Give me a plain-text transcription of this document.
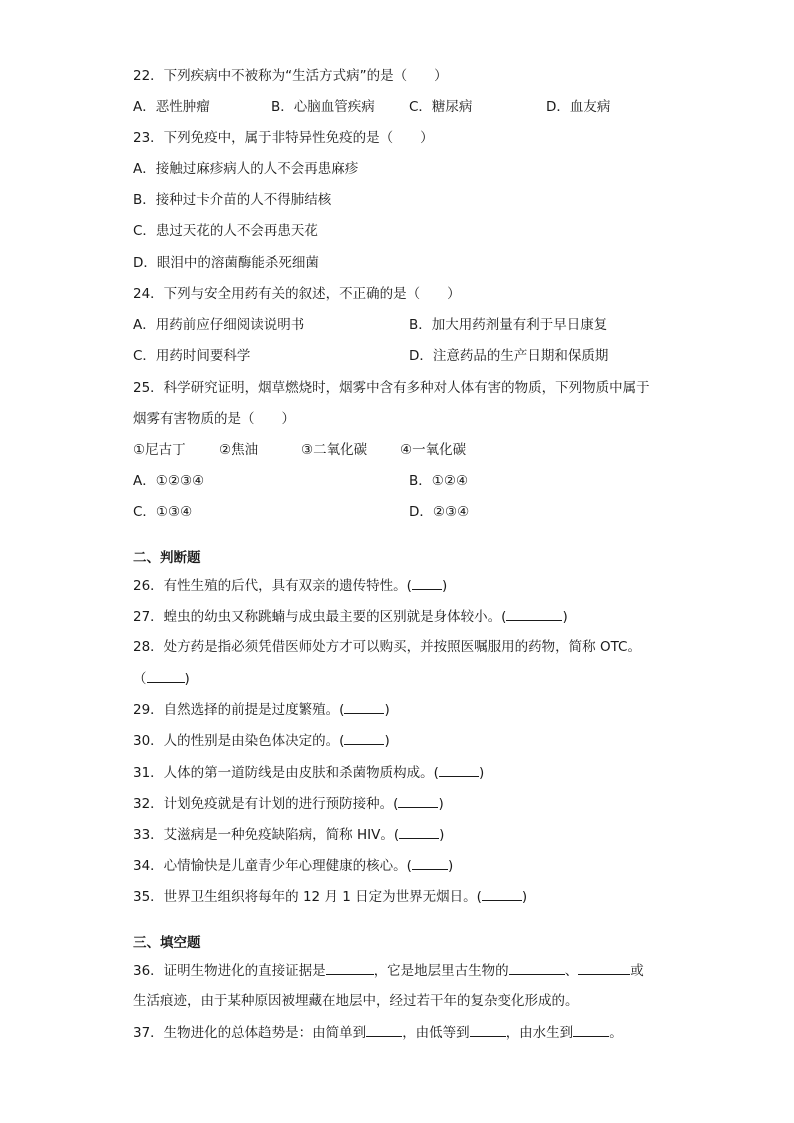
22．下列疾病中不被称为“生活方式病”的是（　　）
A．恶性肿瘤	B．心脑血管疾病	C．糖尿病	D．血友病
23．下列免疫中，属于非特异性免疫的是（　　）
A．接触过麻疹病人的人不会再患麻疹
B．接种过卡介苗的人不得肺结核
C．患过天花的人不会再患天花
D．眼泪中的溶菌酶能杀死细菌
24．下列与安全用药有关的叙述，不正确的是（　　）
A．用药前应仔细阅读说明书	B．加大用药剂量有利于早日康复
C．用药时间要科学	D．注意药品的生产日期和保质期
25．科学研究证明，烟草燃烧时，烟雾中含有多种对人体有害的物质，下列物质中属于
烟雾有害物质的是（　　）
①尼古丁 ②焦油	③二氧化碳 ④一氧化碳
A．①②③④	B．①②④
C．①③④	D．②③④
二、判断题
26．有性生殖的后代，具有双亲的遗传特性。( )
27．蝗虫的幼虫又称跳蝻与成虫最主要的区别就是身体较小。(	)
28．处方药是指必须凭借医师处方才可以购买，并按照医嘱服用的药物，简称 OTC。
（	)
29．自然选择的前提是过度繁殖。(	)
30．人的性别是由染色体决定的。(	)
31．人体的第一道防线是由皮肤和杀菌物质构成。(	)
32．计划免疫就是有计划的进行预防接种。(	)
33．艾滋病是一种免疫缺陷病，简称 HIV。(	)
34．心情愉快是儿童青少年心理健康的核心。(	)
35．世界卫生组织将每年的 12 月 1 日定为世界无烟日。(	)
三、填空题
36．证明生物进化的直接证据是	，它是地层里古生物的	、	或
生活痕迹，由于某种原因被埋藏在地层中，经过若干年的复杂变化形成的。
37．生物进化的总体趋势是：由简单到	，由低等到	，由水生到	。
